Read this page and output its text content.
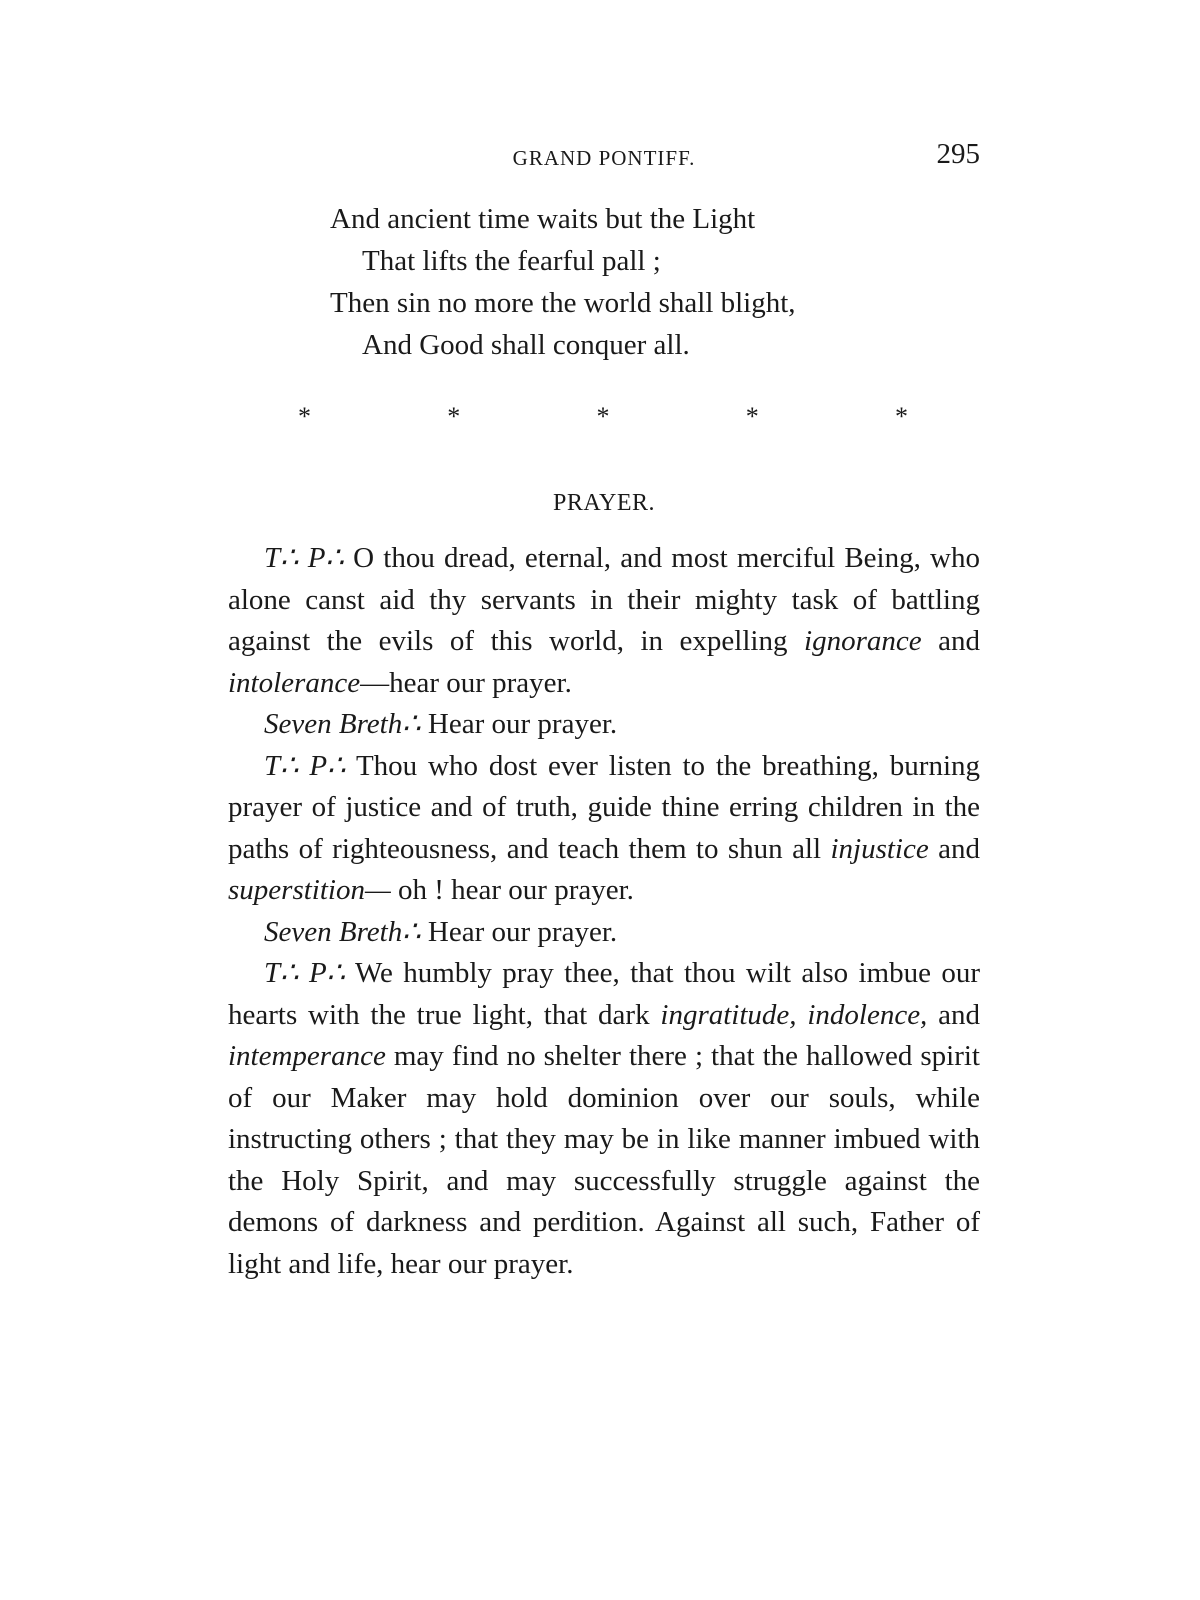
GRAND PONTIFF.	295
And ancient time waits but the Light
That lifts the fearful pall ;
Then sin no more the world shall blight,
And Good shall conquer all.
*	*	*	*	*
PRAYER.

T∴ P∴ O thou dread, eternal, and most merciful Being, who alone canst aid thy servants in their mighty task of battling against the evils of this world, in expelling ignorance and intolerance—hear our prayer.

Seven Breth∴ Hear our prayer.

T∴ P∴ Thou who dost ever listen to the breathing, burning prayer of justice and of truth, guide thine erring children in the paths of righteousness, and teach them to shun all injustice and superstition— oh ! hear our prayer.

Seven Breth∴ Hear our prayer.

T∴ P∴ We humbly pray thee, that thou wilt also imbue our hearts with the true light, that dark ingratitude, indolence, and intemperance may find no shelter there ; that the hallowed spirit of our Maker may hold dominion over our souls, while instructing others ; that they may be in like manner imbued with the Holy Spirit, and may successfully struggle against the demons of darkness and perdition. Against all such, Father of light and life, hear our prayer.
